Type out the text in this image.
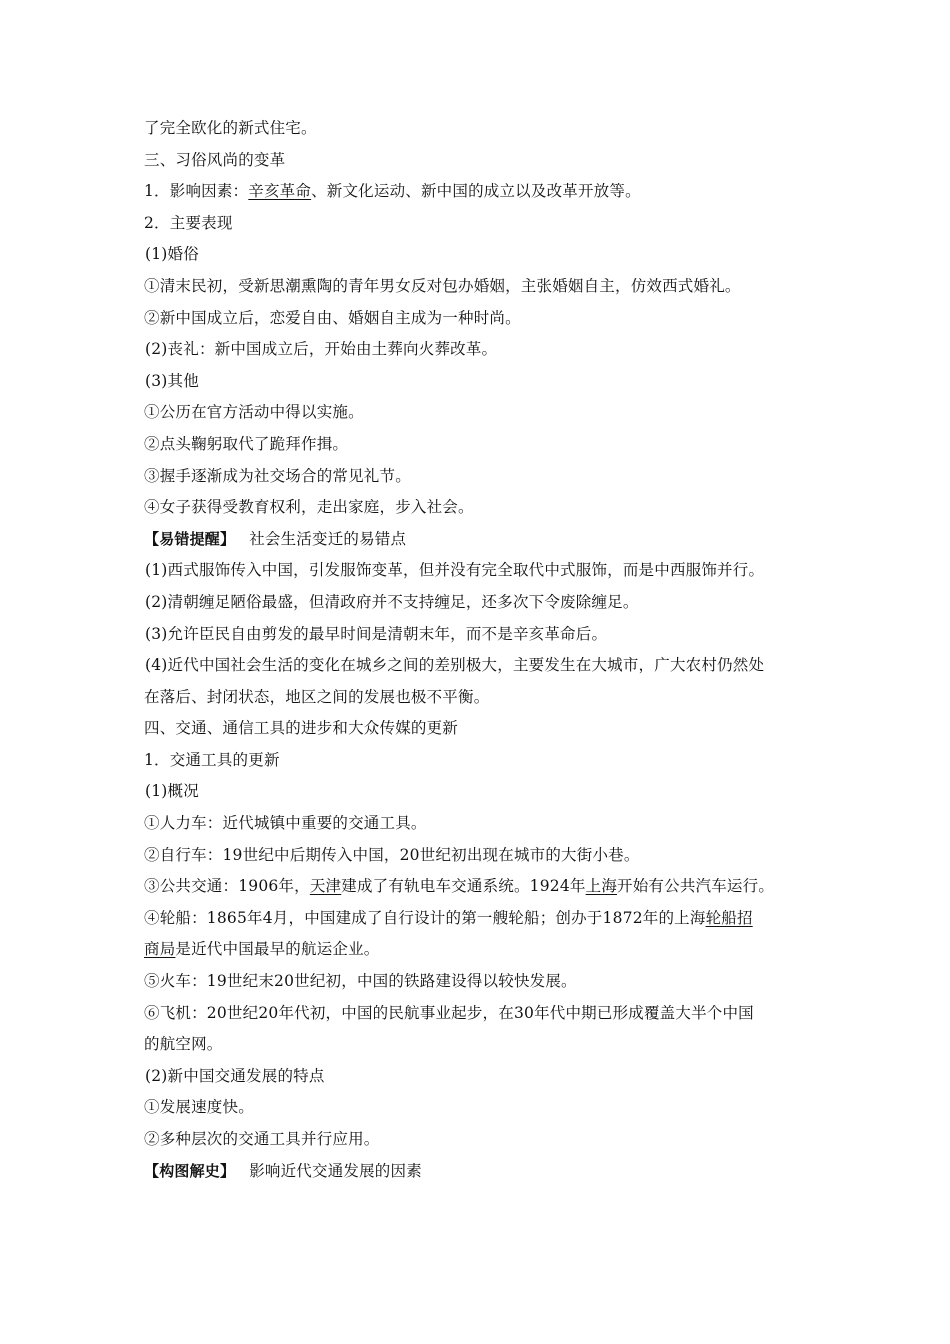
了完全欧化的新式住宅。
三、习俗风尚的变革
1．影响因素：辛亥革命、新文化运动、新中国的成立以及改革开放等。
2．主要表现
(1)婚俗
①清末民初，受新思潮熏陶的青年男女反对包办婚姻，主张婚姻自主，仿效西式婚礼。
②新中国成立后，恋爱自由、婚姻自主成为一种时尚。
(2)丧礼：新中国成立后，开始由土葬向火葬改革。
(3)其他
①公历在官方活动中得以实施。
②点头鞠躬取代了跪拜作揖。
③握手逐渐成为社交场合的常见礼节。
④女子获得受教育权利，走出家庭，步入社会。
【易错提醒】 社会生活变迁的易错点
(1)西式服饰传入中国，引发服饰变革，但并没有完全取代中式服饰，而是中西服饰并行。
(2)清朝缠足陋俗最盛，但清政府并不支持缠足，还多次下令废除缠足。
(3)允许臣民自由剪发的最早时间是清朝末年，而不是辛亥革命后。
(4)近代中国社会生活的变化在城乡之间的差别极大，主要发生在大城市，广大农村仍然处
在落后、封闭状态，地区之间的发展也极不平衡。
四、交通、通信工具的进步和大众传媒的更新
1．交通工具的更新
(1)概况
①人力车：近代城镇中重要的交通工具。
②自行车：19世纪中后期传入中国，20世纪初出现在城市的大街小巷。
③公共交通：1906年，天津建成了有轨电车交通系统。1924年上海开始有公共汽车运行。
④轮船：1865年4月，中国建成了自行设计的第一艘轮船；创办于1872年的上海轮船招
商局是近代中国最早的航运企业。
⑤火车：19世纪末20世纪初，中国的铁路建设得以较快发展。
⑥飞机：20世纪20年代初，中国的民航事业起步，在30年代中期已形成覆盖大半个中国
的航空网。
(2)新中国交通发展的特点
①发展速度快。
②多种层次的交通工具并行应用。
【构图解史】 影响近代交通发展的因素
